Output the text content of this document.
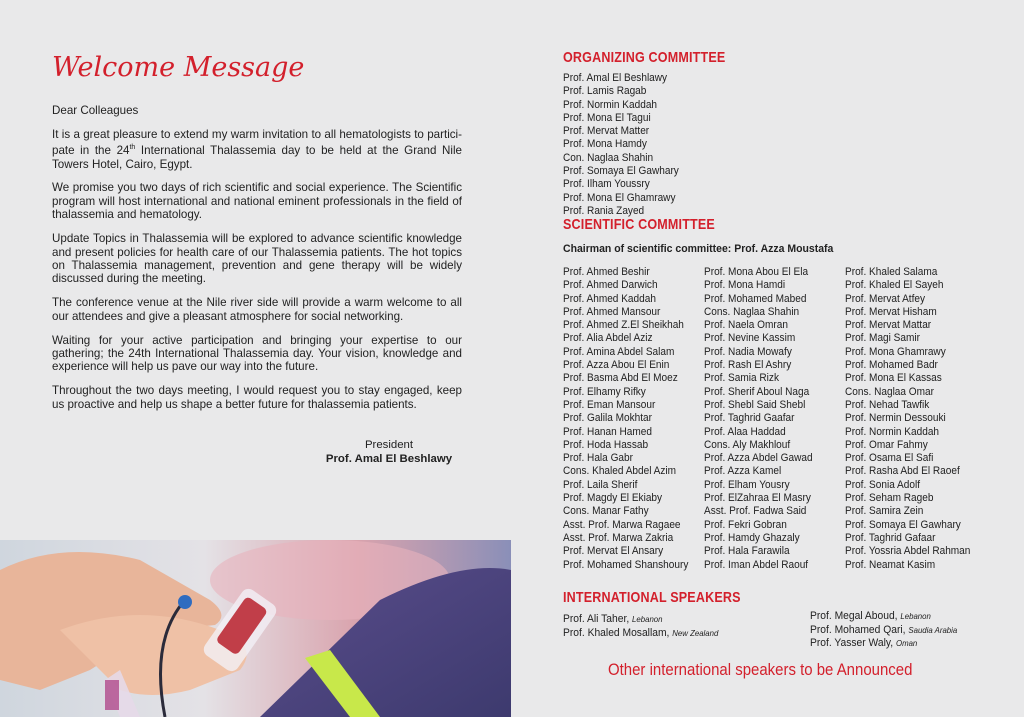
Welcome Message

Dear Colleagues

It is a great pleasure to extend my warm invitation to all hematologists to partici-pate in the 24th International Thalassemia day to be held at the Grand Nile Towers Hotel, Cairo, Egypt.

We promise you two days of rich scientific and social experience. The Scientific program will host international and national eminent professionals in the field of thalassemia and hematology.

Update Topics in Thalassemia will be explored to advance scientific knowledge and present policies for health care of our Thalassemia patients. The hot topics on Thalassemia management, prevention and gene therapy will be widely discussed during the meeting.

The conference venue at the Nile river side will provide a warm welcome to all our attendees and give a pleasant atmosphere for social networking.

Waiting for your active participation and bringing your expertise to our gathering; the 24th International Thalassemia day. Your vision, knowledge and experience will help us pave our way into the future.

Throughout the two days meeting, I would request you to stay engaged, keep us proactive and help us shape a better future for thalassemia patients.

President
Prof. Amal El Beshlawy
ORGANIZING COMMITTEE
Prof. Amal El Beshlawy
Prof. Lamis Ragab
Prof. Normin Kaddah
Prof. Mona El Tagui
Prof. Mervat Matter
Prof. Mona Hamdy
Con. Naglaa Shahin
Prof. Somaya El Gawhary
Prof. Ilham Youssry
Prof. Mona El Ghamrawy
Prof. Rania Zayed
SCIENTIFIC COMMITTEE
Chairman of scientific committee: Prof. Azza Moustafa
Prof. Ahmed Beshir
Prof. Ahmed Darwich
Prof. Ahmed Kaddah
Prof. Ahmed Mansour
Prof. Ahmed Z.El Sheikhah
Prof. Alia Abdel Aziz
Prof. Amina Abdel Salam
Prof. Azza Abou El Enin
Prof. Basma Abd El Moez
Prof. Elhamy Rifky
Prof. Eman Mansour
Prof. Galila Mokhtar
Prof. Hanan Hamed
Prof. Hoda Hassab
Prof. Hala Gabr
Cons. Khaled Abdel Azim
Prof. Laila Sherif
Prof. Magdy El Ekiaby
Cons. Manar Fathy
Asst. Prof. Marwa Ragaee
Asst. Prof. Marwa Zakria
Prof. Mervat El Ansary
Prof. Mohamed Shanshoury
Prof. Mona Abou El Ela
Prof. Mona Hamdi
Prof. Mohamed Mabed
Cons. Naglaa Shahin
Prof. Naela Omran
Prof. Nevine Kassim
Prof. Nadia Mowafy
Prof. Rash El Ashry
Prof. Samia Rizk
Prof. Sherif Aboul Naga
Prof. Shebl Said Shebl
Prof. Taghrid Gaafar
Prof. Alaa Haddad
Cons. Aly Makhlouf
Prof. Azza Abdel Gawad
Prof. Azza Kamel
Prof. Elham Yousry
Prof. ElZahraa El Masry
Asst. Prof. Fadwa Said
Prof. Fekri Gobran
Prof. Hamdy Ghazaly
Prof. Hala Farawila
Prof. Iman Abdel Raouf
Prof. Khaled Salama
Prof. Khaled El Sayeh
Prof. Mervat Atfey
Prof. Mervat Hisham
Prof. Mervat Mattar
Prof. Magi Samir
Prof. Mona Ghamrawy
Prof. Mohamed Badr
Prof. Mona El Kassas
Cons. Naglaa Omar
Prof. Nehad Tawfik
Prof. Nermin Dessouki
Prof. Normin Kaddah
Prof. Omar Fahmy
Prof. Osama El Safi
Prof. Rasha Abd El Raoef
Prof. Sonia Adolf
Prof. Seham Rageb
Prof. Samira Zein
Prof. Somaya El Gawhary
Prof. Taghrid Gafaar
Prof. Yossria Abdel Rahman
Prof. Neamat Kasim
INTERNATIONAL SPEAKERS
Prof. Ali Taher, Lebanon
Prof. Khaled Mosallam, New Zealand
Prof. Megal Aboud, Lebanon
Prof. Mohamed Qari, Saudia Arabia
Prof. Yasser Waly, Oman
Other international speakers to be Announced
